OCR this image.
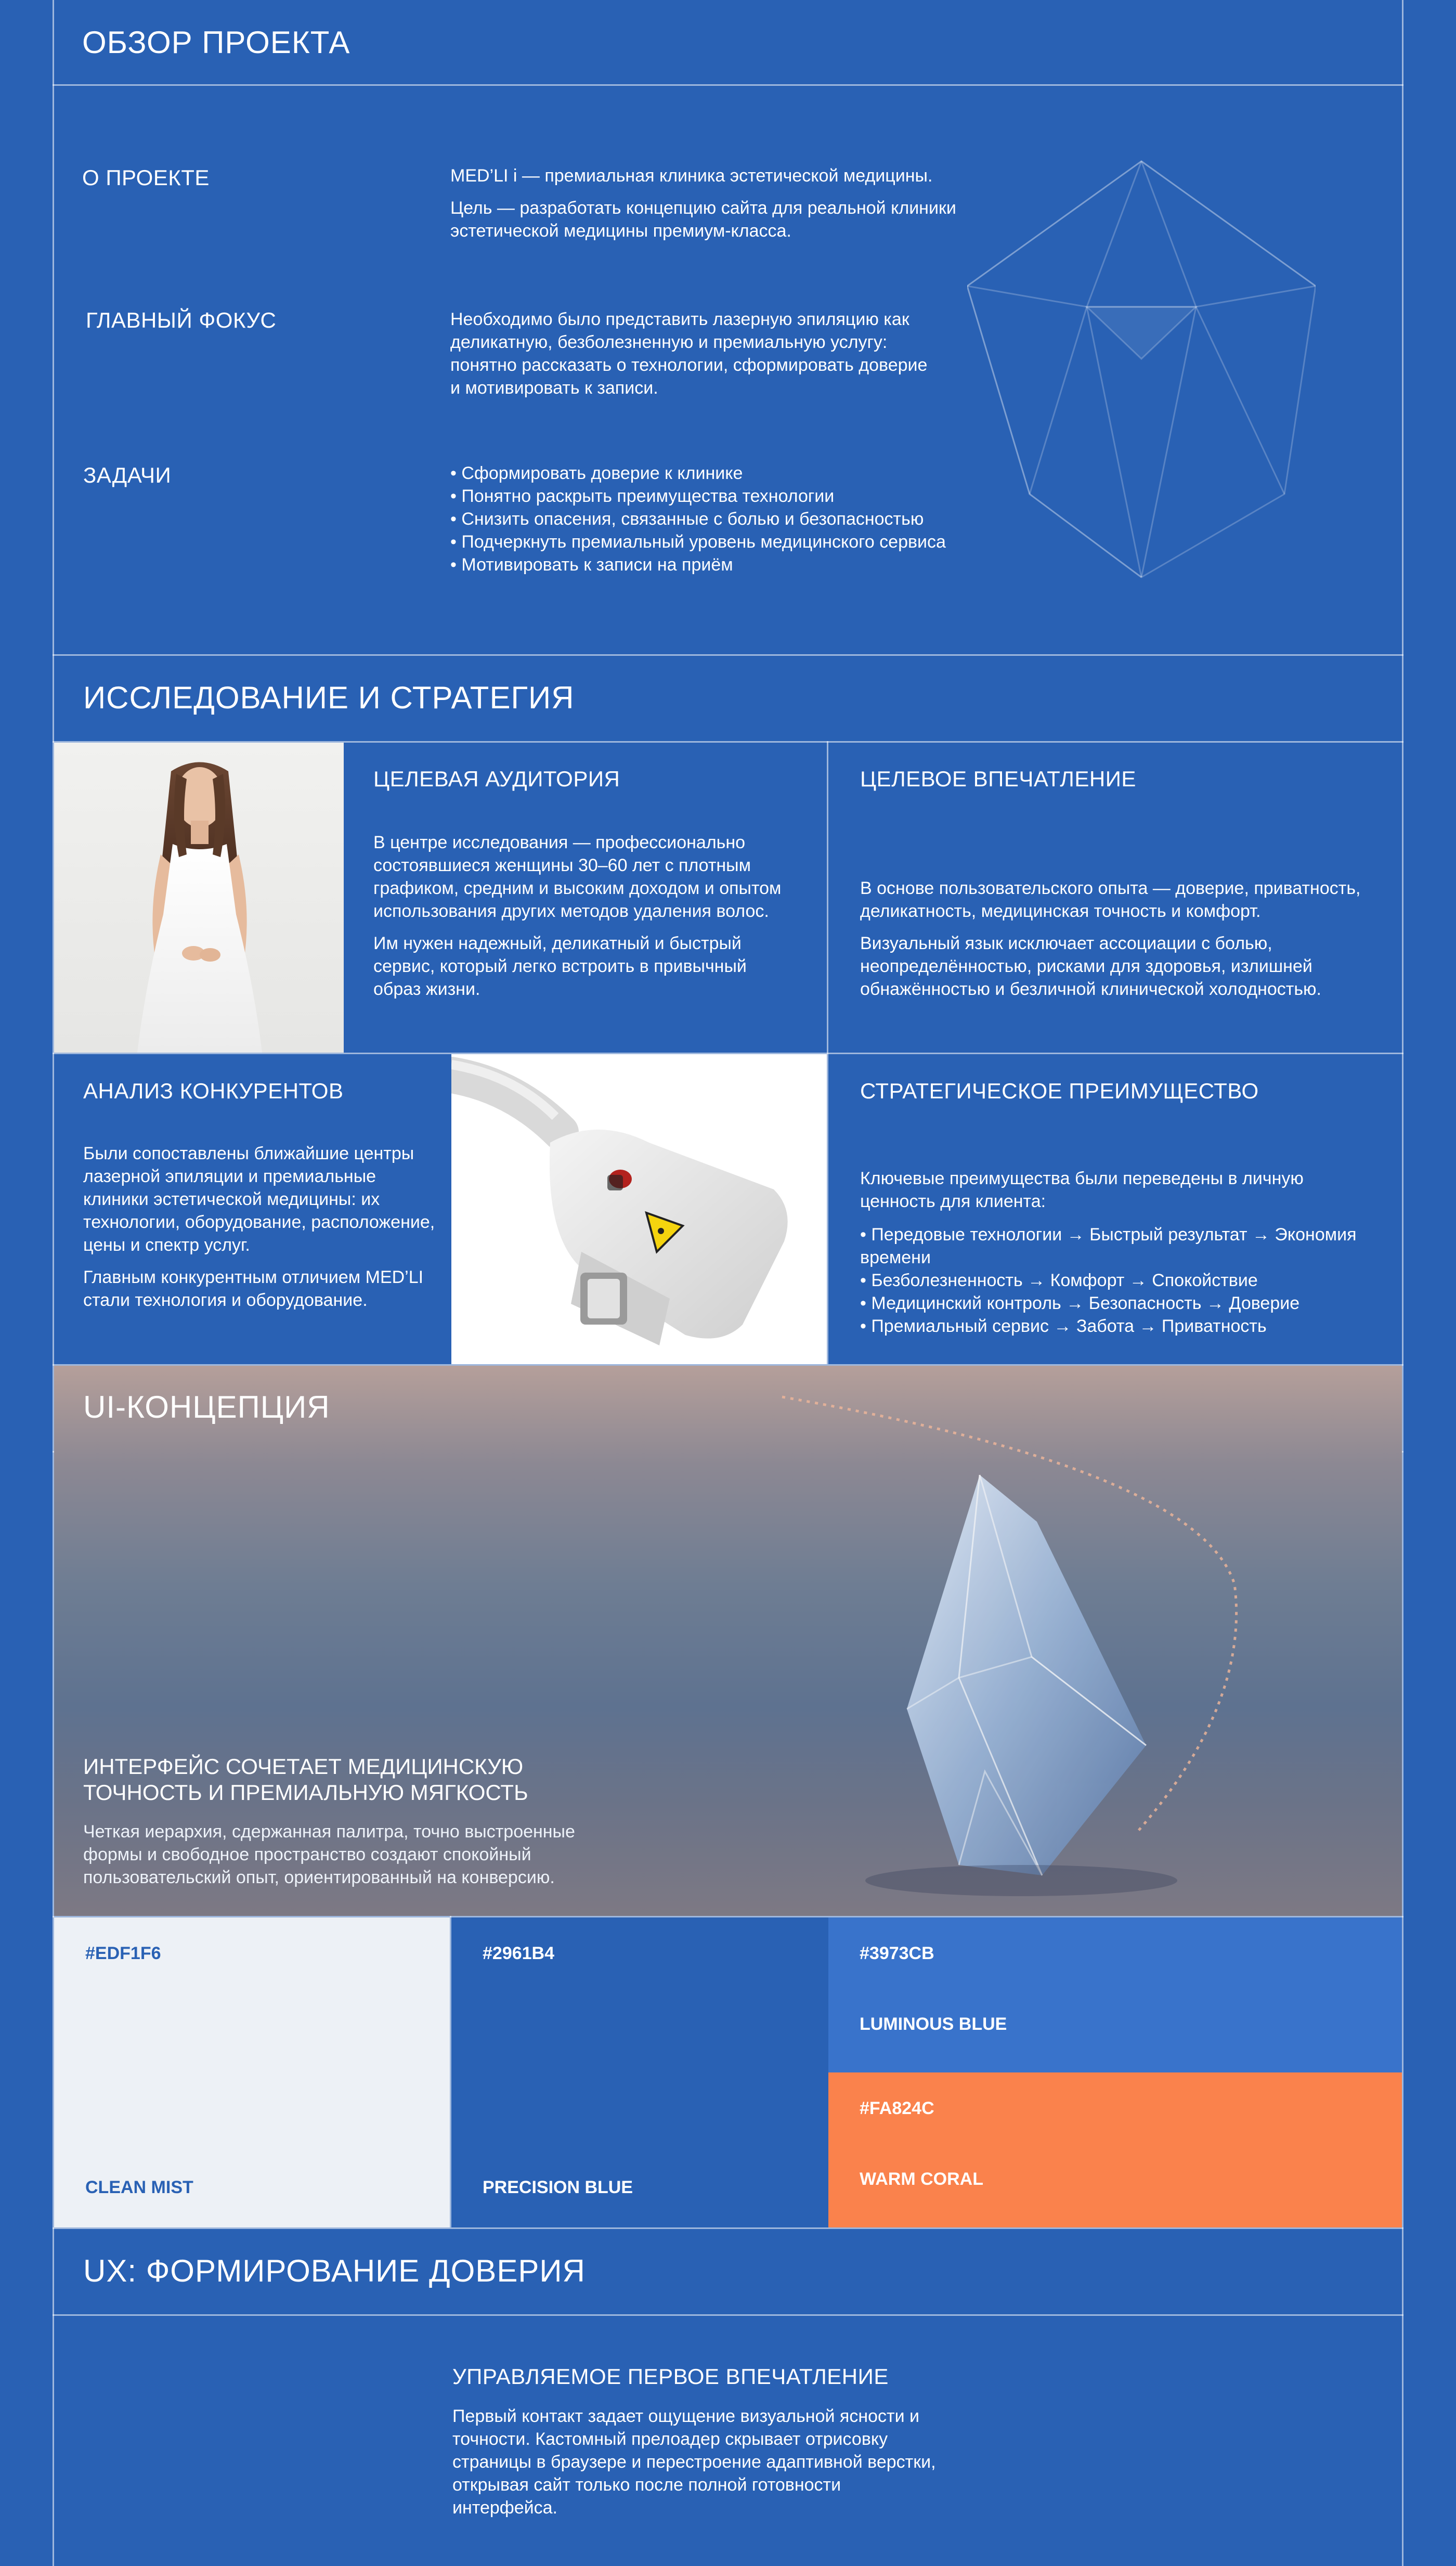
ОБЗОР ПРОЕКТА
О ПРОЕКТЕ	MED’LI i — премиальная клиника эстетической медицины.

Цель — разработать концепцию сайта для реальной клиники эстетической медицины премиум-класса.

ГЛАВНЫЙ ФОКУС	Необходимо было представить лазерную эпиляцию как деликатную, безболезненную и премиальную услугу: понятно рассказать о технологии, сформировать доверие и мотивировать к записи.
ЗАДАЧИ
•	Сформировать доверие к клинике
• Понятно раскрыть преимущества технологии
• Снизить опасения, связанные с болью и безопасностью
• Подчеркнуть премиальный уровень медицинского сервиса
• Мотивировать к записи на приём
ИССЛЕДОВАНИЕ И СТРАТЕГИЯ
ЦЕЛЕВАЯ АУДИТОРИЯ

В центре исследования — профессионально состоявшиеся женщины 30–60 лет с плотным графиком, средним и высоким доходом и опытом использования других методов удаления волос.

Им нужен надежный, деликатный и быстрый сервис, который легко встроить в привычный образ жизни.

ЦЕЛЕВОЕ ВПЕЧАТЛЕНИЕ

В основе пользовательского опыта — доверие, приватность, деликатность, медицинская точность и комфорт.

Визуальный язык исключает ассоциации с болью, неопределённостью, рисками для здоровья, излишней обнажённостью и безличной клинической холодностью.

АНАЛИЗ КОНКУРЕНТОВ

Были сопоставлены ближайшие центры лазерной эпиляции и премиальные клиники эстетической медицины: их технологии, оборудование, расположение, цены и спектр услуг.

Главным конкурентным отличием MED’LI стали технология и оборудование.

СТРАТЕГИЧЕСКОЕ ПРЕИМУЩЕСТВО
Ключевые преимущества были переведены в личную ценность для клиента:
• Передовые технологии → Быстрый результат → Экономия времени
• Безболезненность → Комфорт → Спокойствие
• Медицинский контроль → Безопасность → Доверие
• Премиальный сервис → Забота → Приватность
UI-КОНЦЕПЦИЯ
ИНТЕРФЕЙС СОЧЕТАЕТ МЕДИЦИНСКУЮ ТОЧНОСТЬ И ПРЕМИАЛЬНУЮ МЯГКОСТЬ
Четкая иерархия, сдержанная палитра, точно выстроенные формы и свободное пространство создают спокойный пользовательский опыт, ориентированный на конверсию.
#EDF1F6
CLEAN MIST
#2961B4
PRECISION BLUE
#3973CB
LUMINOUS BLUE
#FA824C
WARM CORAL
UX: ФОРМИРОВАНИЕ ДОВЕРИЯ
УПРАВЛЯЕМОЕ ПЕРВОЕ ВПЕЧАТЛЕНИЕ
Первый контакт задает ощущение визуальной ясности и точности. Кастомный прелоадер скрывает отрисовку страницы в браузере и перестроение адаптивной верстки, открывая сайт только после полной готовности интерфейса.
